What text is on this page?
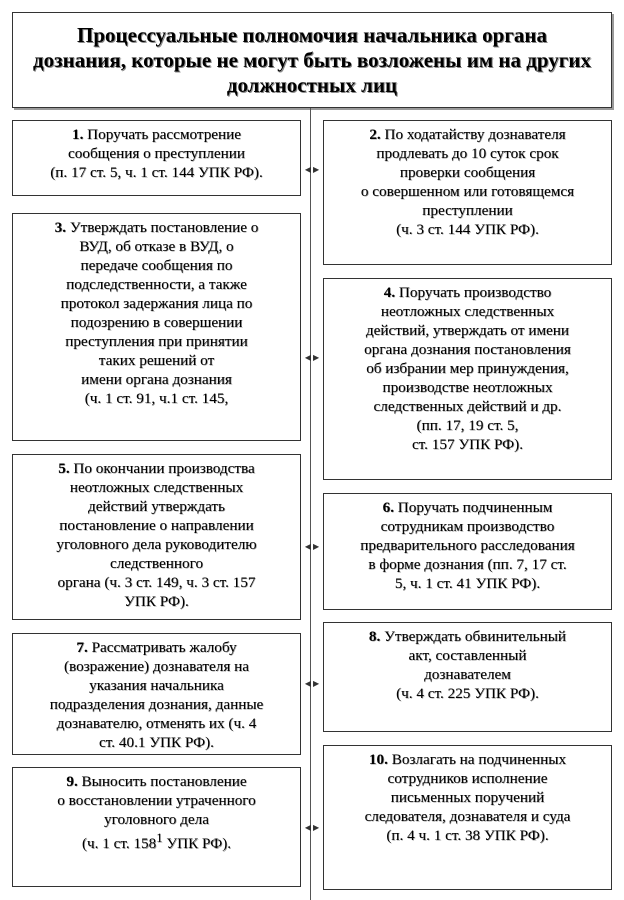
Процессуальные полномочия начальника органа дознания, которые не могут быть возложены им на других должностных лиц
1. Поручать рассмотрение
сообщения о преступлении
(п. 17 ст. 5, ч. 1 ст. 144 УПК РФ).
3. Утверждать постановление о
ВУД, об отказе в ВУД, о
передаче сообщения по
подследственности, а также
протокол задержания лица по
подозрению в совершении
преступления при принятии
таких решений от
имени органа дознания
(ч. 1 ст. 91, ч.1 ст. 145,
5. По окончании производства
неотложных следственных
действий утверждать
постановление о направлении
уголовного дела руководителю
следственного
органа (ч. 3 ст. 149, ч. 3 ст. 157
УПК РФ).
7. Рассматривать жалобу
(возражение) дознавателя на
указания начальника
подразделения дознания, данные
дознавателю, отменять их (ч. 4
ст. 40.1 УПК РФ).
9. Выносить постановление
о восстановлении утраченного
уголовного дела
(ч. 1 ст. $158^1$ УПК РФ).
2. По ходатайству дознавателя
продлевать до 10 суток срок
проверки сообщения
о совершенном или готовящемся
преступлении
(ч. 3 ст. 144 УПК РФ).
4. Поручать производство
неотложных следственных
действий, утверждать от имени
органа дознания постановления
об избрании мер принуждения,
производстве неотложных
следственных действий и др.
(пп. 17, 19 ст. 5,
ст. 157 УПК РФ).
6. Поручать подчиненным
сотрудникам производство
предварительного расследования
в форме дознания (пп. 7, 17 ст.
5, ч. 1 ст. 41 УПК РФ).
8. Утверждать обвинительный
акт, составленный
дознавателем
(ч. 4 ст. 225 УПК РФ).
10. Возлагать на подчиненных
сотрудников исполнение
письменных поручений
следователя, дознавателя и суда
(п. 4 ч. 1 ст. 38 УПК РФ).
◀ ▶
◀ ▶
◀ ▶
◀ ▶
◀ ▶
